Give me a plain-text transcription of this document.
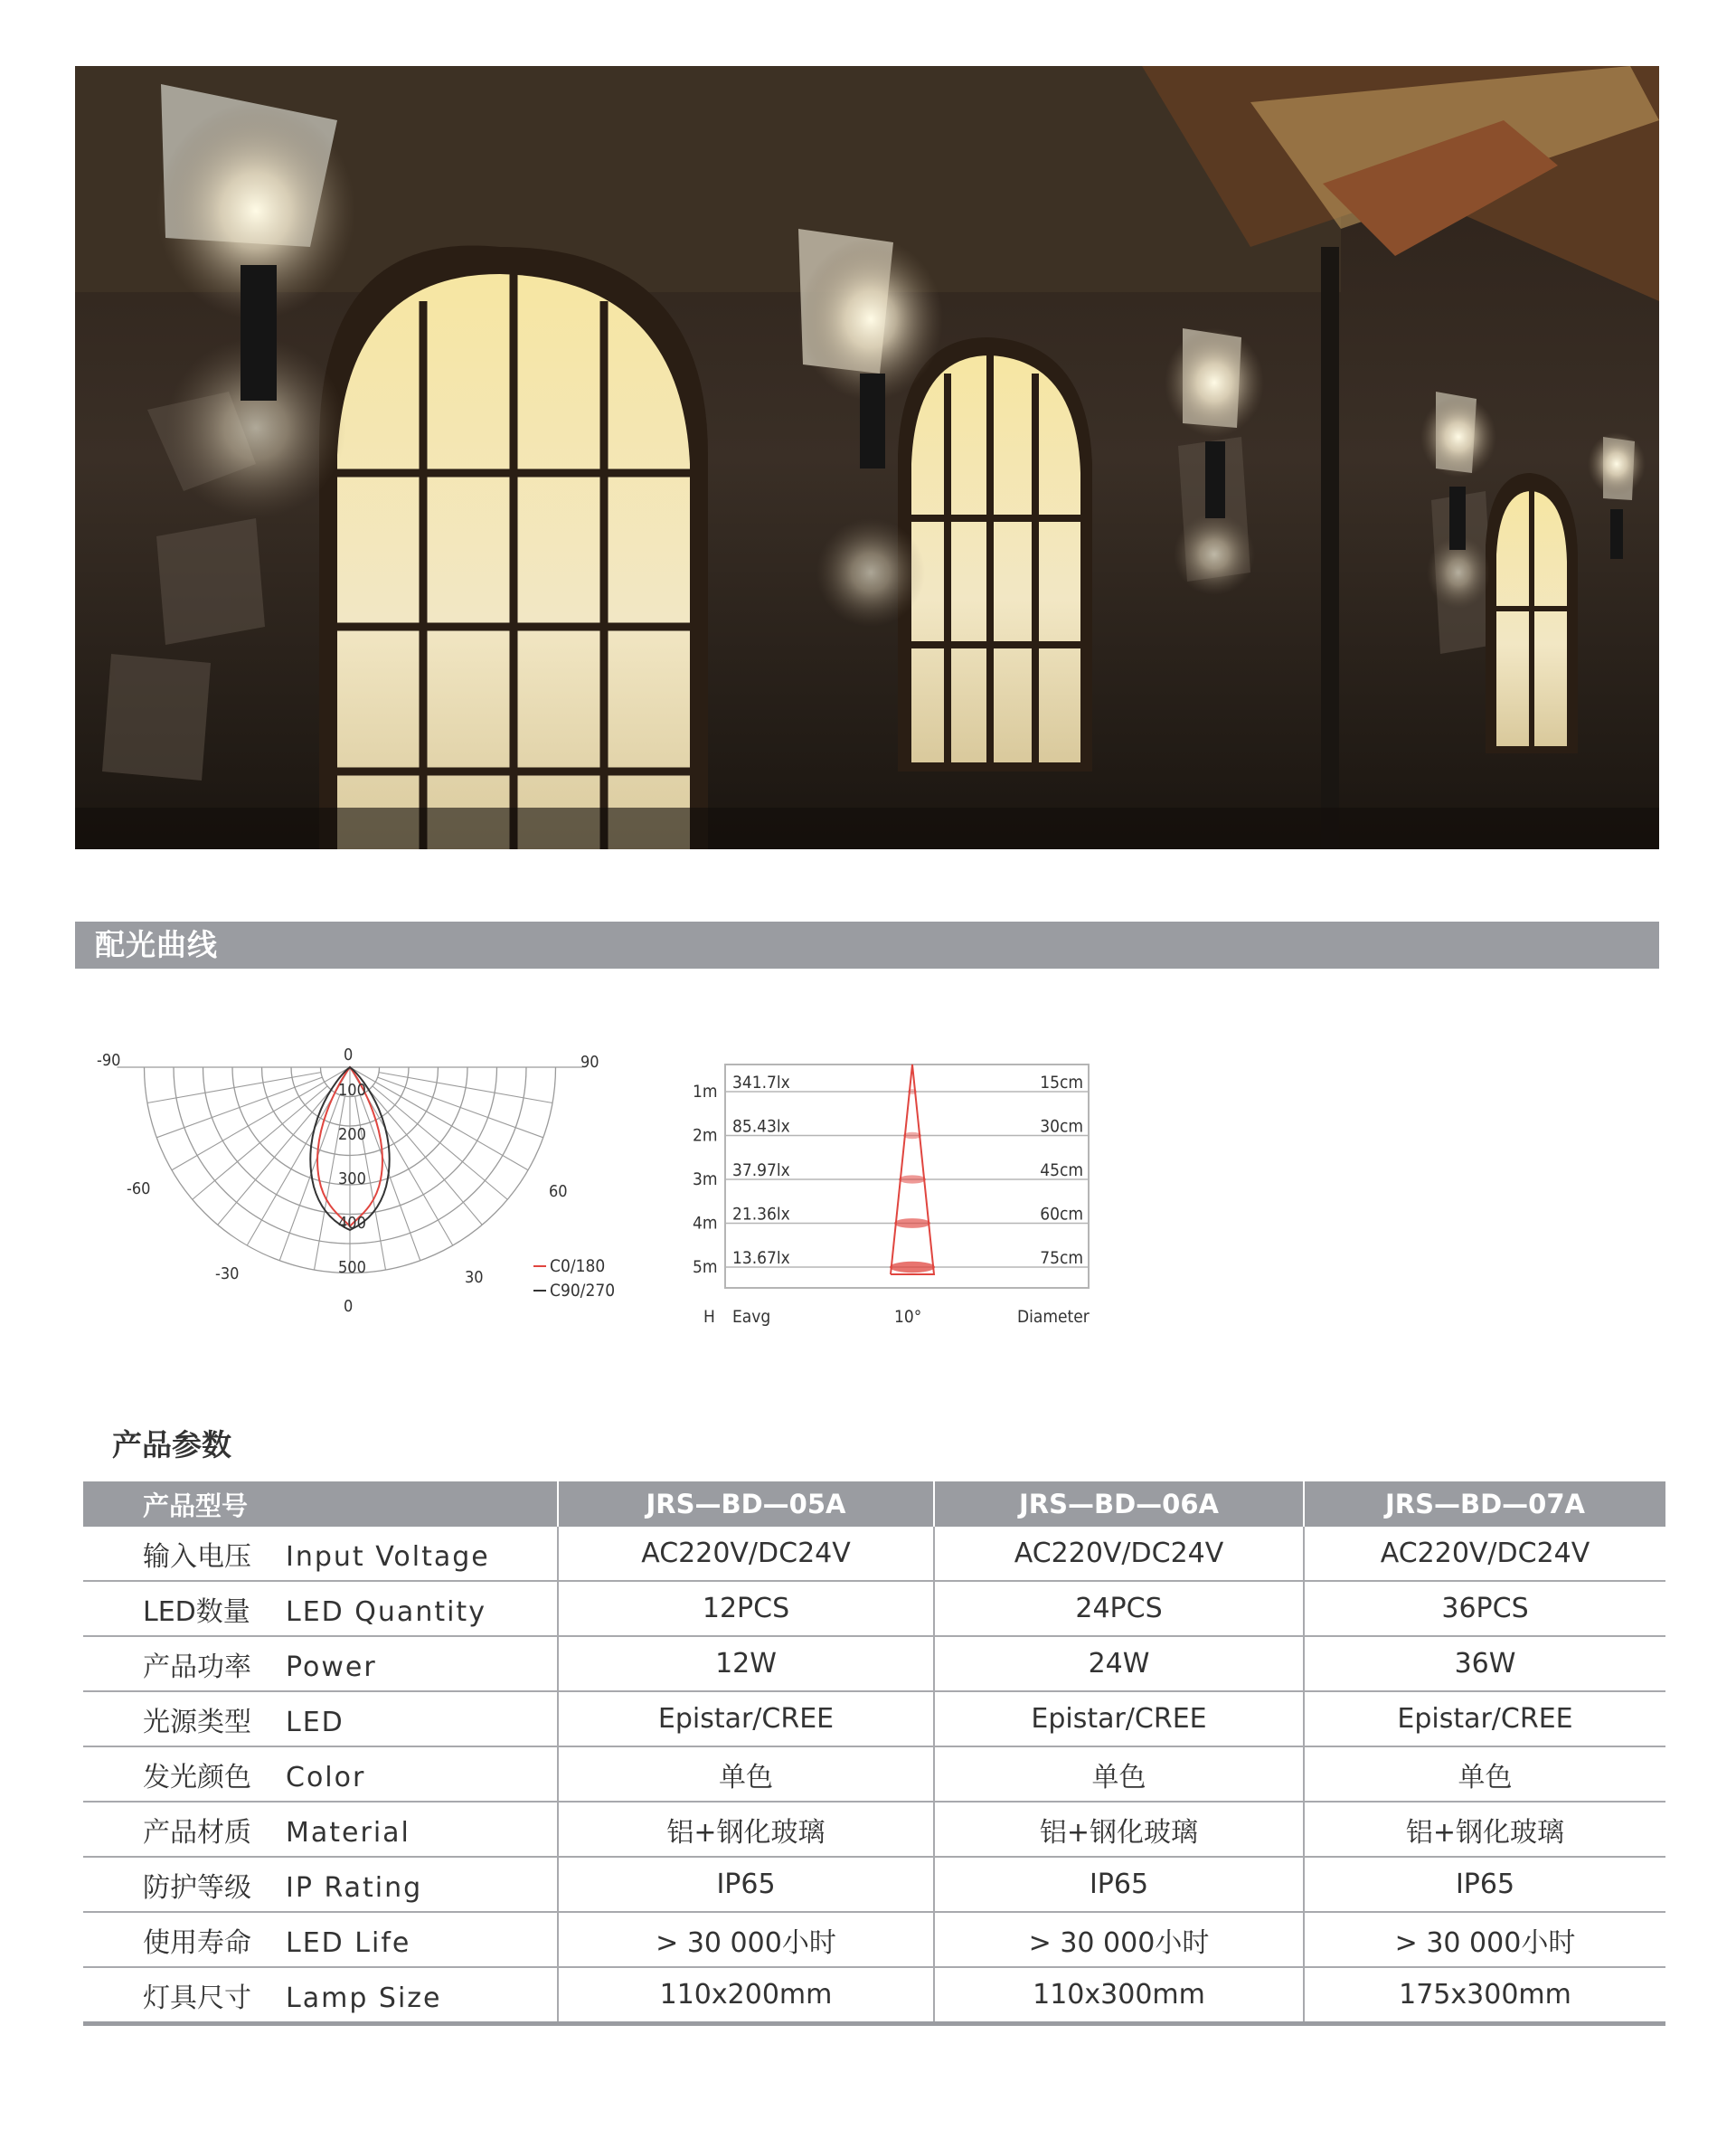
配光曲线
-90	0	90
-60	60
-30	30
0
100
200
300
400
500	C0/180
C90/270
1m 341.7lx	15cm
2m 85.43lx	30cm
3m 37.97lx	45cm
4m 21.36lx	60cm
5m 13.67lx	75cm
H Eavg	10°	Diameter
产品参数
产品型号	JRS—BD—05A	JRS—BD—06A	JRS—BD—07A
输入电压 Input Voltage	AC220V/DC24V	AC220V/DC24V	AC220V/DC24V
LED数量 LED Quantity	12PCS	24PCS	36PCS
产品功率 Power	12W	24W	36W
光源类型 LED	Epistar/CREE	Epistar/CREE	Epistar/CREE
发光颜色 Color	单色	单色	单色
产品材质 Material	铝+钢化玻璃	铝+钢化玻璃	铝+钢化玻璃
防护等级 IP Rating	IP65	IP65	IP65
使用寿命 LED Life	> 30 000小时	> 30 000小时	> 30 000小时
灯具尺寸 Lamp Size	110x200mm	110x300mm	175x300mm
